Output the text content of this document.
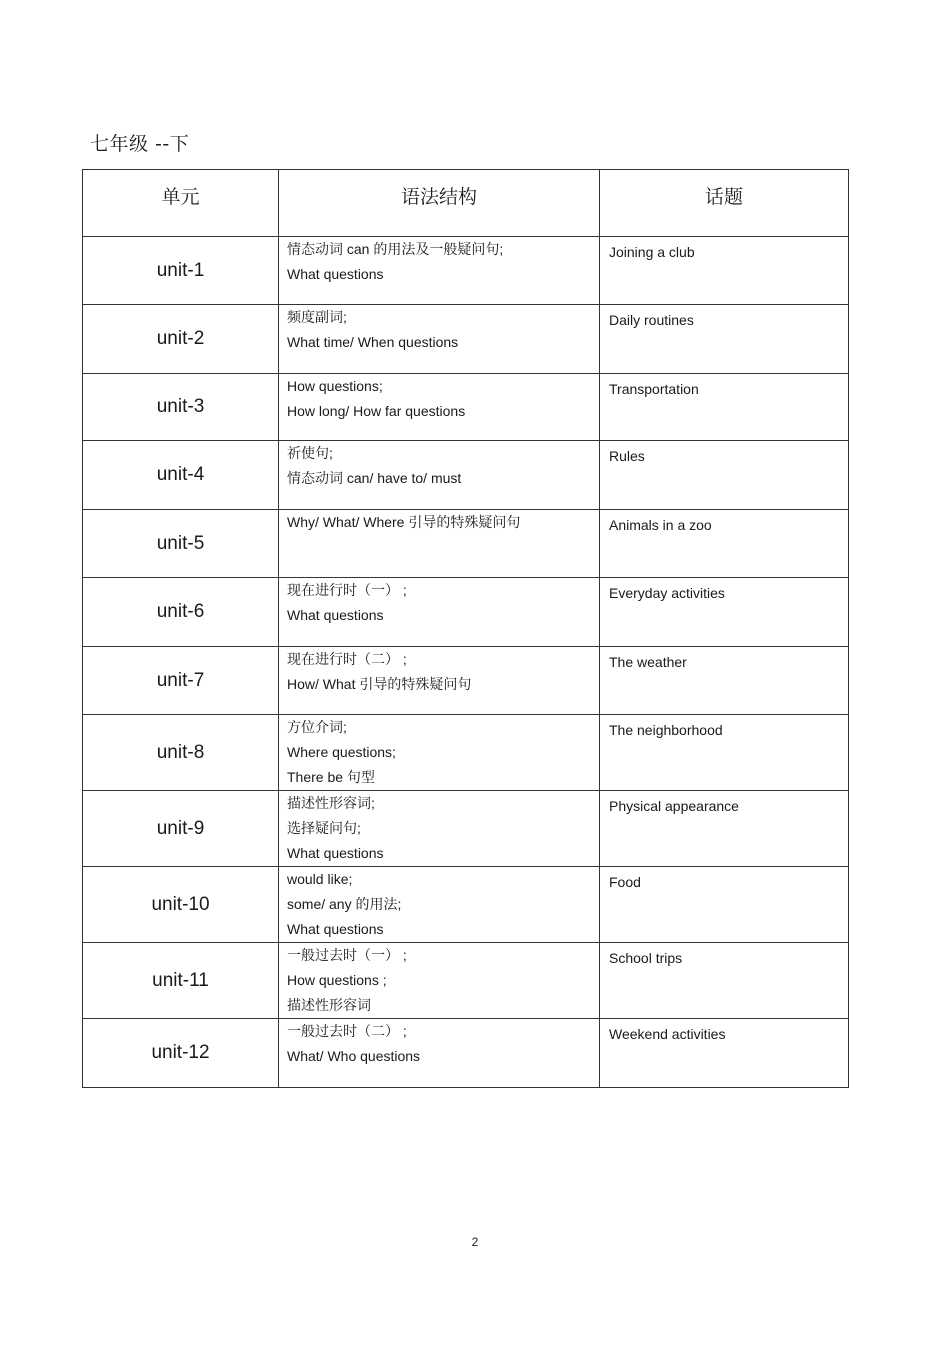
七年级 --下
单元	语法结构	话题
unit-1	情态动词 can 的用法及一般疑问句;
What questions	Joining a club
unit-2	频度副词;
What time/ When questions	Daily routines
unit-3	How questions;
How long/ How far questions	Transportation
unit-4	祈使句;
情态动词 can/ have to/ must	Rules
unit-5	Why/ What/ Where 引导的特殊疑问句	Animals in a zoo
unit-6	现在进行时（一） ;
What questions	Everyday activities
unit-7	现在进行时（二） ;
How/ What 引导的特殊疑问句	The weather
unit-8	方位介词;
Where questions;
There be 句型	The neighborhood
unit-9	描述性形容词;
选择疑问句;
What questions	Physical appearance
unit-10	would like;
some/ any 的用法;
What questions	Food
unit-11	一般过去时（一） ;
How questions ;
描述性形容词	School trips
unit-12	一般过去时（二） ;
What/ Who questions	Weekend activities
2
